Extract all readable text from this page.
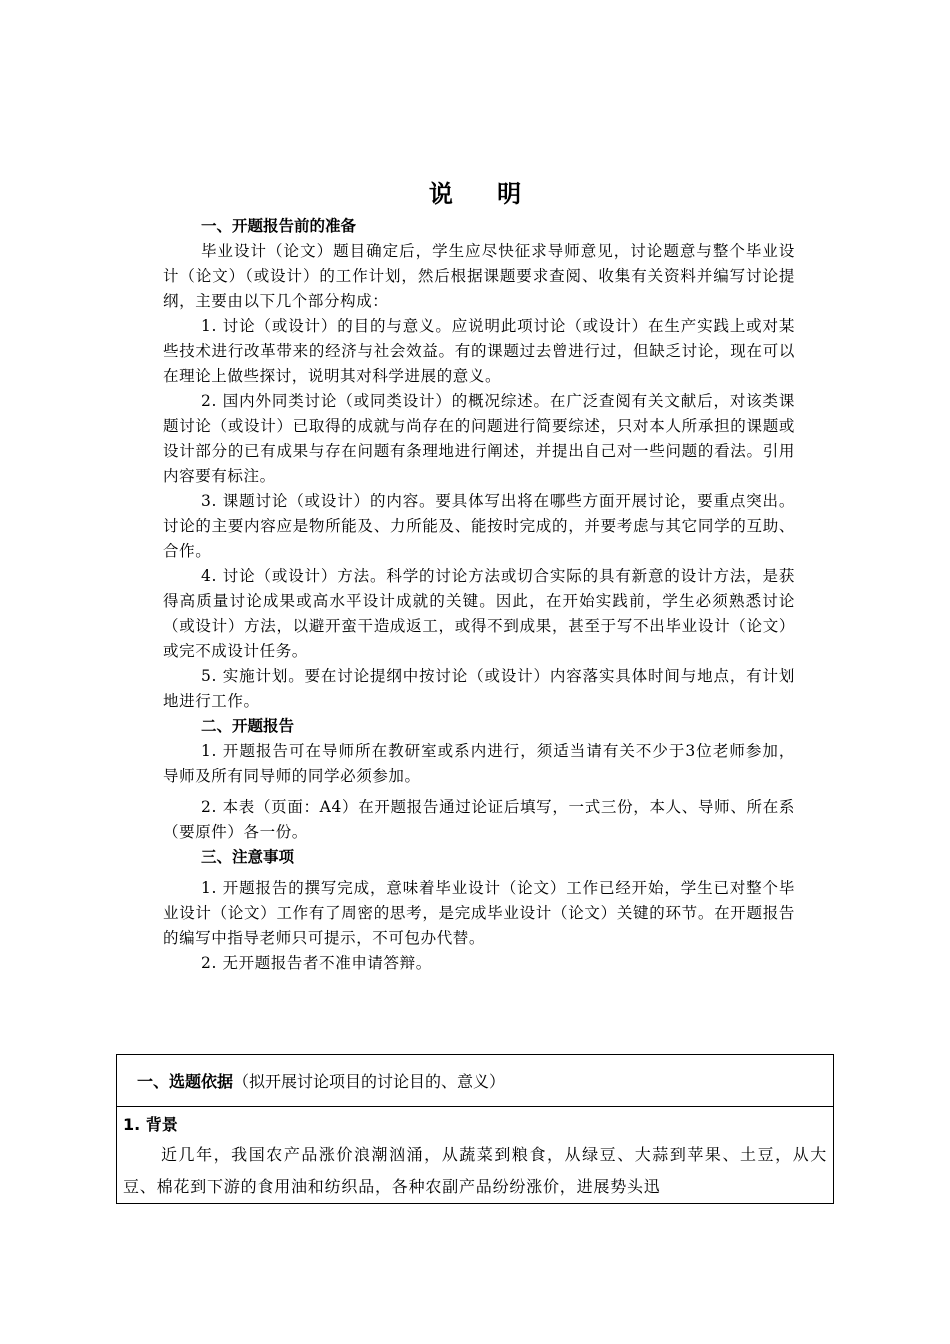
说 明
一、开题报告前的准备
毕业设计（论文）题目确定后，学生应尽快征求导师意见，讨论题意与整个毕业设计（论文）（或设计）的工作计划，然后根据课题要求查阅、收集有关资料并编写讨论提纲，主要由以下几个部分构成：
1. 讨论（或设计）的目的与意义。应说明此项讨论（或设计）在生产实践上或对某些技术进行改革带来的经济与社会效益。有的课题过去曾进行过，但缺乏讨论，现在可以在理论上做些探讨，说明其对科学进展的意义。
2. 国内外同类讨论（或同类设计）的概况综述。在广泛查阅有关文献后，对该类课题讨论（或设计）已取得的成就与尚存在的问题进行简要综述，只对本人所承担的课题或设计部分的已有成果与存在问题有条理地进行阐述，并提出自己对一些问题的看法。引用内容要有标注。
3. 课题讨论（或设计）的内容。要具体写出将在哪些方面开展讨论，要重点突出。讨论的主要内容应是物所能及、力所能及、能按时完成的，并要考虑与其它同学的互助、合作。
4. 讨论（或设计）方法。科学的讨论方法或切合实际的具有新意的设计方法，是获得高质量讨论成果或高水平设计成就的关键。因此，在开始实践前，学生必须熟悉讨论（或设计）方法，以避开蛮干造成返工，或得不到成果，甚至于写不出毕业设计（论文）或完不成设计任务。
5. 实施计划。要在讨论提纲中按讨论（或设计）内容落实具体时间与地点，有计划地进行工作。
二、开题报告
1. 开题报告可在导师所在教研室或系内进行，须适当请有关不少于3位老师参加，导师及所有同导师的同学必须参加。
2. 本表（页面：A4）在开题报告通过论证后填写，一式三份，本人、导师、所在系（要原件）各一份。
三、注意事项
1. 开题报告的撰写完成，意味着毕业设计（论文）工作已经开始，学生已对整个毕业设计（论文）工作有了周密的思考，是完成毕业设计（论文）关键的环节。在开题报告的编写中指导老师只可提示，不可包办代替。
2. 无开题报告者不准申请答辩。
一、选题依据 （拟开展讨论项目的讨论目的、意义）
1. 背景
近几年，我国农产品涨价浪潮汹涌，从蔬菜到粮食，从绿豆、大蒜到苹果、土豆，从大豆、棉花到下游的食用油和纺织品，各种农副产品纷纷涨价，进展势头迅
